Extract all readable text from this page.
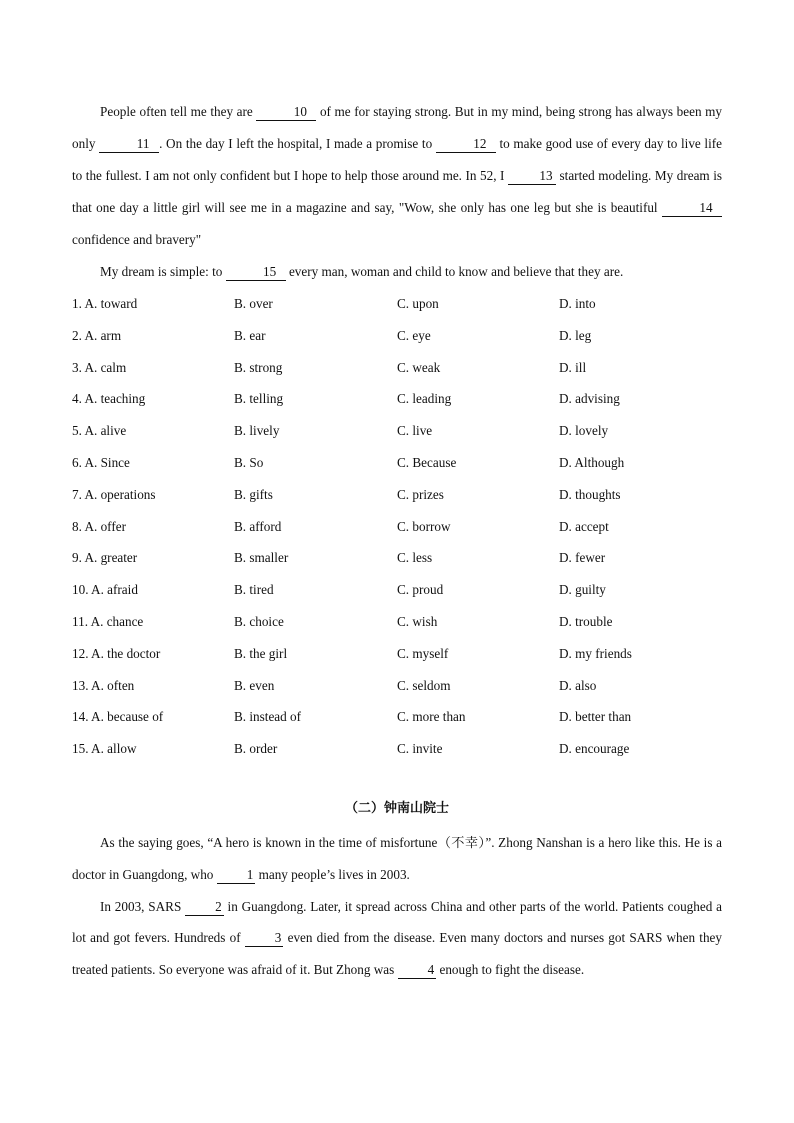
People often tell me they are	10 of me for staying strong. But in my mind, being strong has always been my only	11 . On the day I left the hospital, I made a promise to	12 to make good use of every day to live life to the fullest. I am not only confident but I hope to help those around me. In 52, I 13 started modeling. My dream is that one day a little girl will see me in a magazine and say, "Wow, she only has one leg but she is beautiful	14 confidence and bravery"

My dream is simple: to	15 every man, woman and child to know and believe that they are.

1. A. toward	B. over	C. upon	D. into
2. A. arm	B. ear	C. eye	D. leg
3. A. calm	B. strong	C. weak	D. ill
4. A. teaching	B. telling	C. leading	D. advising
5. A. alive	B. lively	C. live	D. lovely
6. A. Since	B. So	C. Because	D. Although
7. A. operations	B. gifts	C. prizes	D. thoughts
8. A. offer	B. afford	C. borrow	D. accept
9. A. greater	B. smaller	C. less	D. fewer
10. A. afraid	B. tired	C. proud	D. guilty
11. A. chance	B. choice	C. wish	D. trouble
12. A. the doctor	B. the girl	C. myself	D. my friends
13. A. often	B. even	C. seldom	D. also
14. A. because of	B. instead of	C. more than	D. better than
15. A. allow	B. order	C. invite	D. encourage
（二）钟南山院士

As the saying goes, “A hero is known in the time of misfortune（不幸）”. Zhong Nanshan is a hero like this. He is a doctor in Guangdong, who 1 many people’s lives in 2003.

In 2003, SARS 2 in Guangdong. Later, it spread across China and other parts of the world. Patients coughed a lot and got fevers. Hundreds of 3 even died from the disease. Even many doctors and nurses got SARS when they treated patients. So everyone was afraid of it. But Zhong was 4 enough to fight the disease.
